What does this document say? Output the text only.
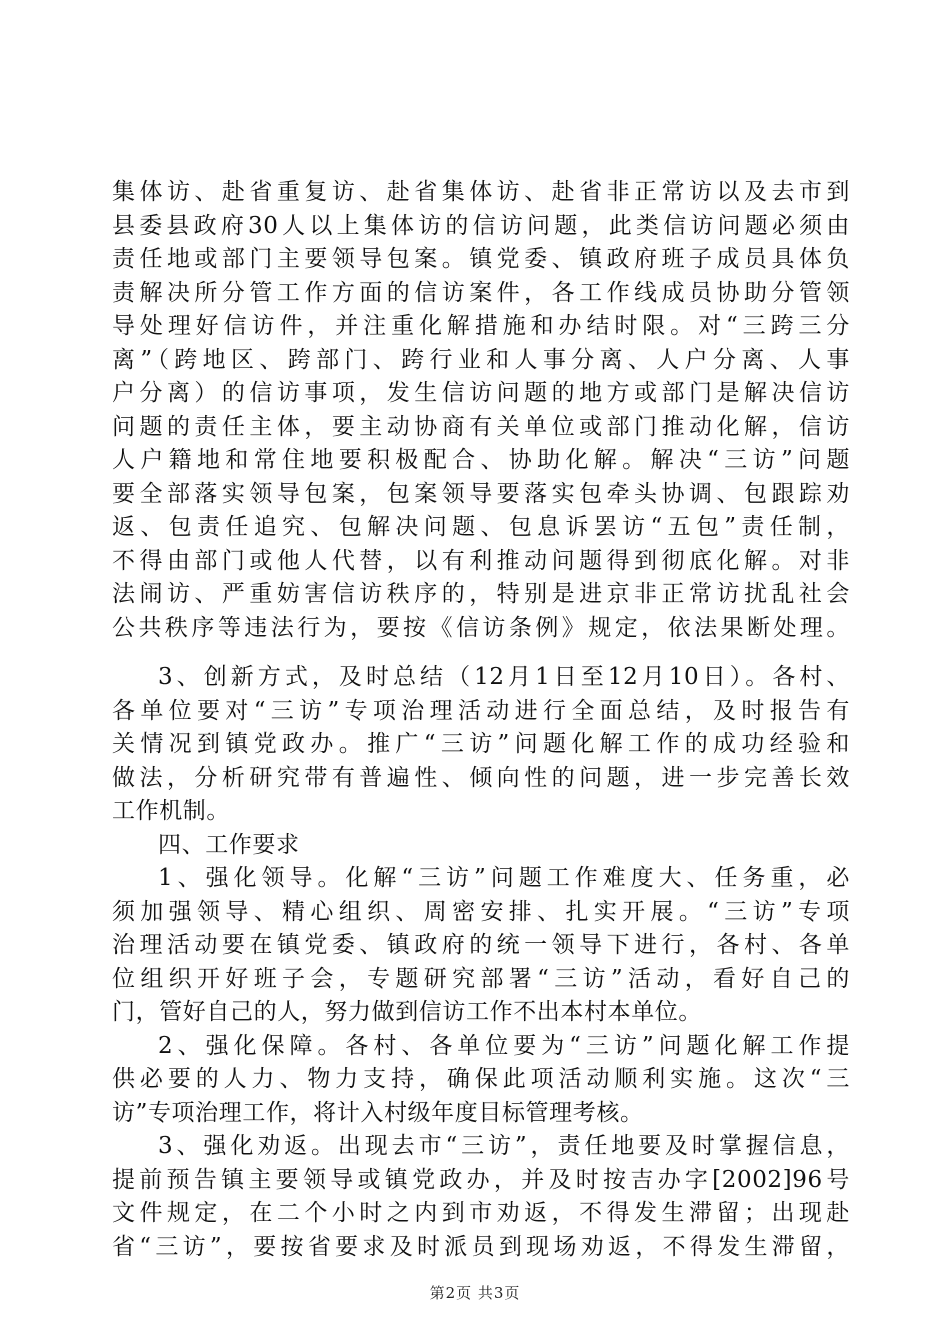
集体访、赴省重复访、赴省集体访、赴省非正常访以及去市到
县委县政府30人以上集体访的信访问题，此类信访问题必须由
责任地或部门主要领导包案。镇党委、镇政府班子成员具体负
责解决所分管工作方面的信访案件，各工作线成员协助分管领
导处理好信访件，并注重化解措施和办结时限。对“三跨三分
离”（跨地区、跨部门、跨行业和人事分离、人户分离、人事
户分离）的信访事项，发生信访问题的地方或部门是解决信访
问题的责任主体，要主动协商有关单位或部门推动化解，信访
人户籍地和常住地要积极配合、协助化解。解决“三访”问题
要全部落实领导包案，包案领导要落实包牵头协调、包跟踪劝
返、包责任追究、包解决问题、包息诉罢访“五包”责任制，
不得由部门或他人代替，以有利推动问题得到彻底化解。对非
法闹访、严重妨害信访秩序的，特别是进京非正常访扰乱社会
公共秩序等违法行为，要按《信访条例》规定，依法果断处理。
3、创新方式，及时总结（12月1日至12月10日）。各村、
各单位要对“三访”专项治理活动进行全面总结，及时报告有
关情况到镇党政办。推广“三访”问题化解工作的成功经验和
做法，分析研究带有普遍性、倾向性的问题，进一步完善长效
工作机制。
四、工作要求
1、强化领导。化解“三访”问题工作难度大、任务重，必
须加强领导、精心组织、周密安排、扎实开展。“三访”专项
治理活动要在镇党委、镇政府的统一领导下进行，各村、各单
位组织开好班子会，专题研究部署“三访”活动，看好自己的
门，管好自己的人，努力做到信访工作不出本村本单位。
2、强化保障。各村、各单位要为“三访”问题化解工作提
供必要的人力、物力支持，确保此项活动顺利实施。这次“三
访”专项治理工作，将计入村级年度目标管理考核。
3、强化劝返。出现去市“三访”，责任地要及时掌握信息，
提前预告镇主要领导或镇党政办，并及时按吉办字[2002]96号
文件规定，在二个小时之内到市劝返，不得发生滞留；出现赴
省“三访”，要按省要求及时派员到现场劝返，不得发生滞留，
第2页 共3页
